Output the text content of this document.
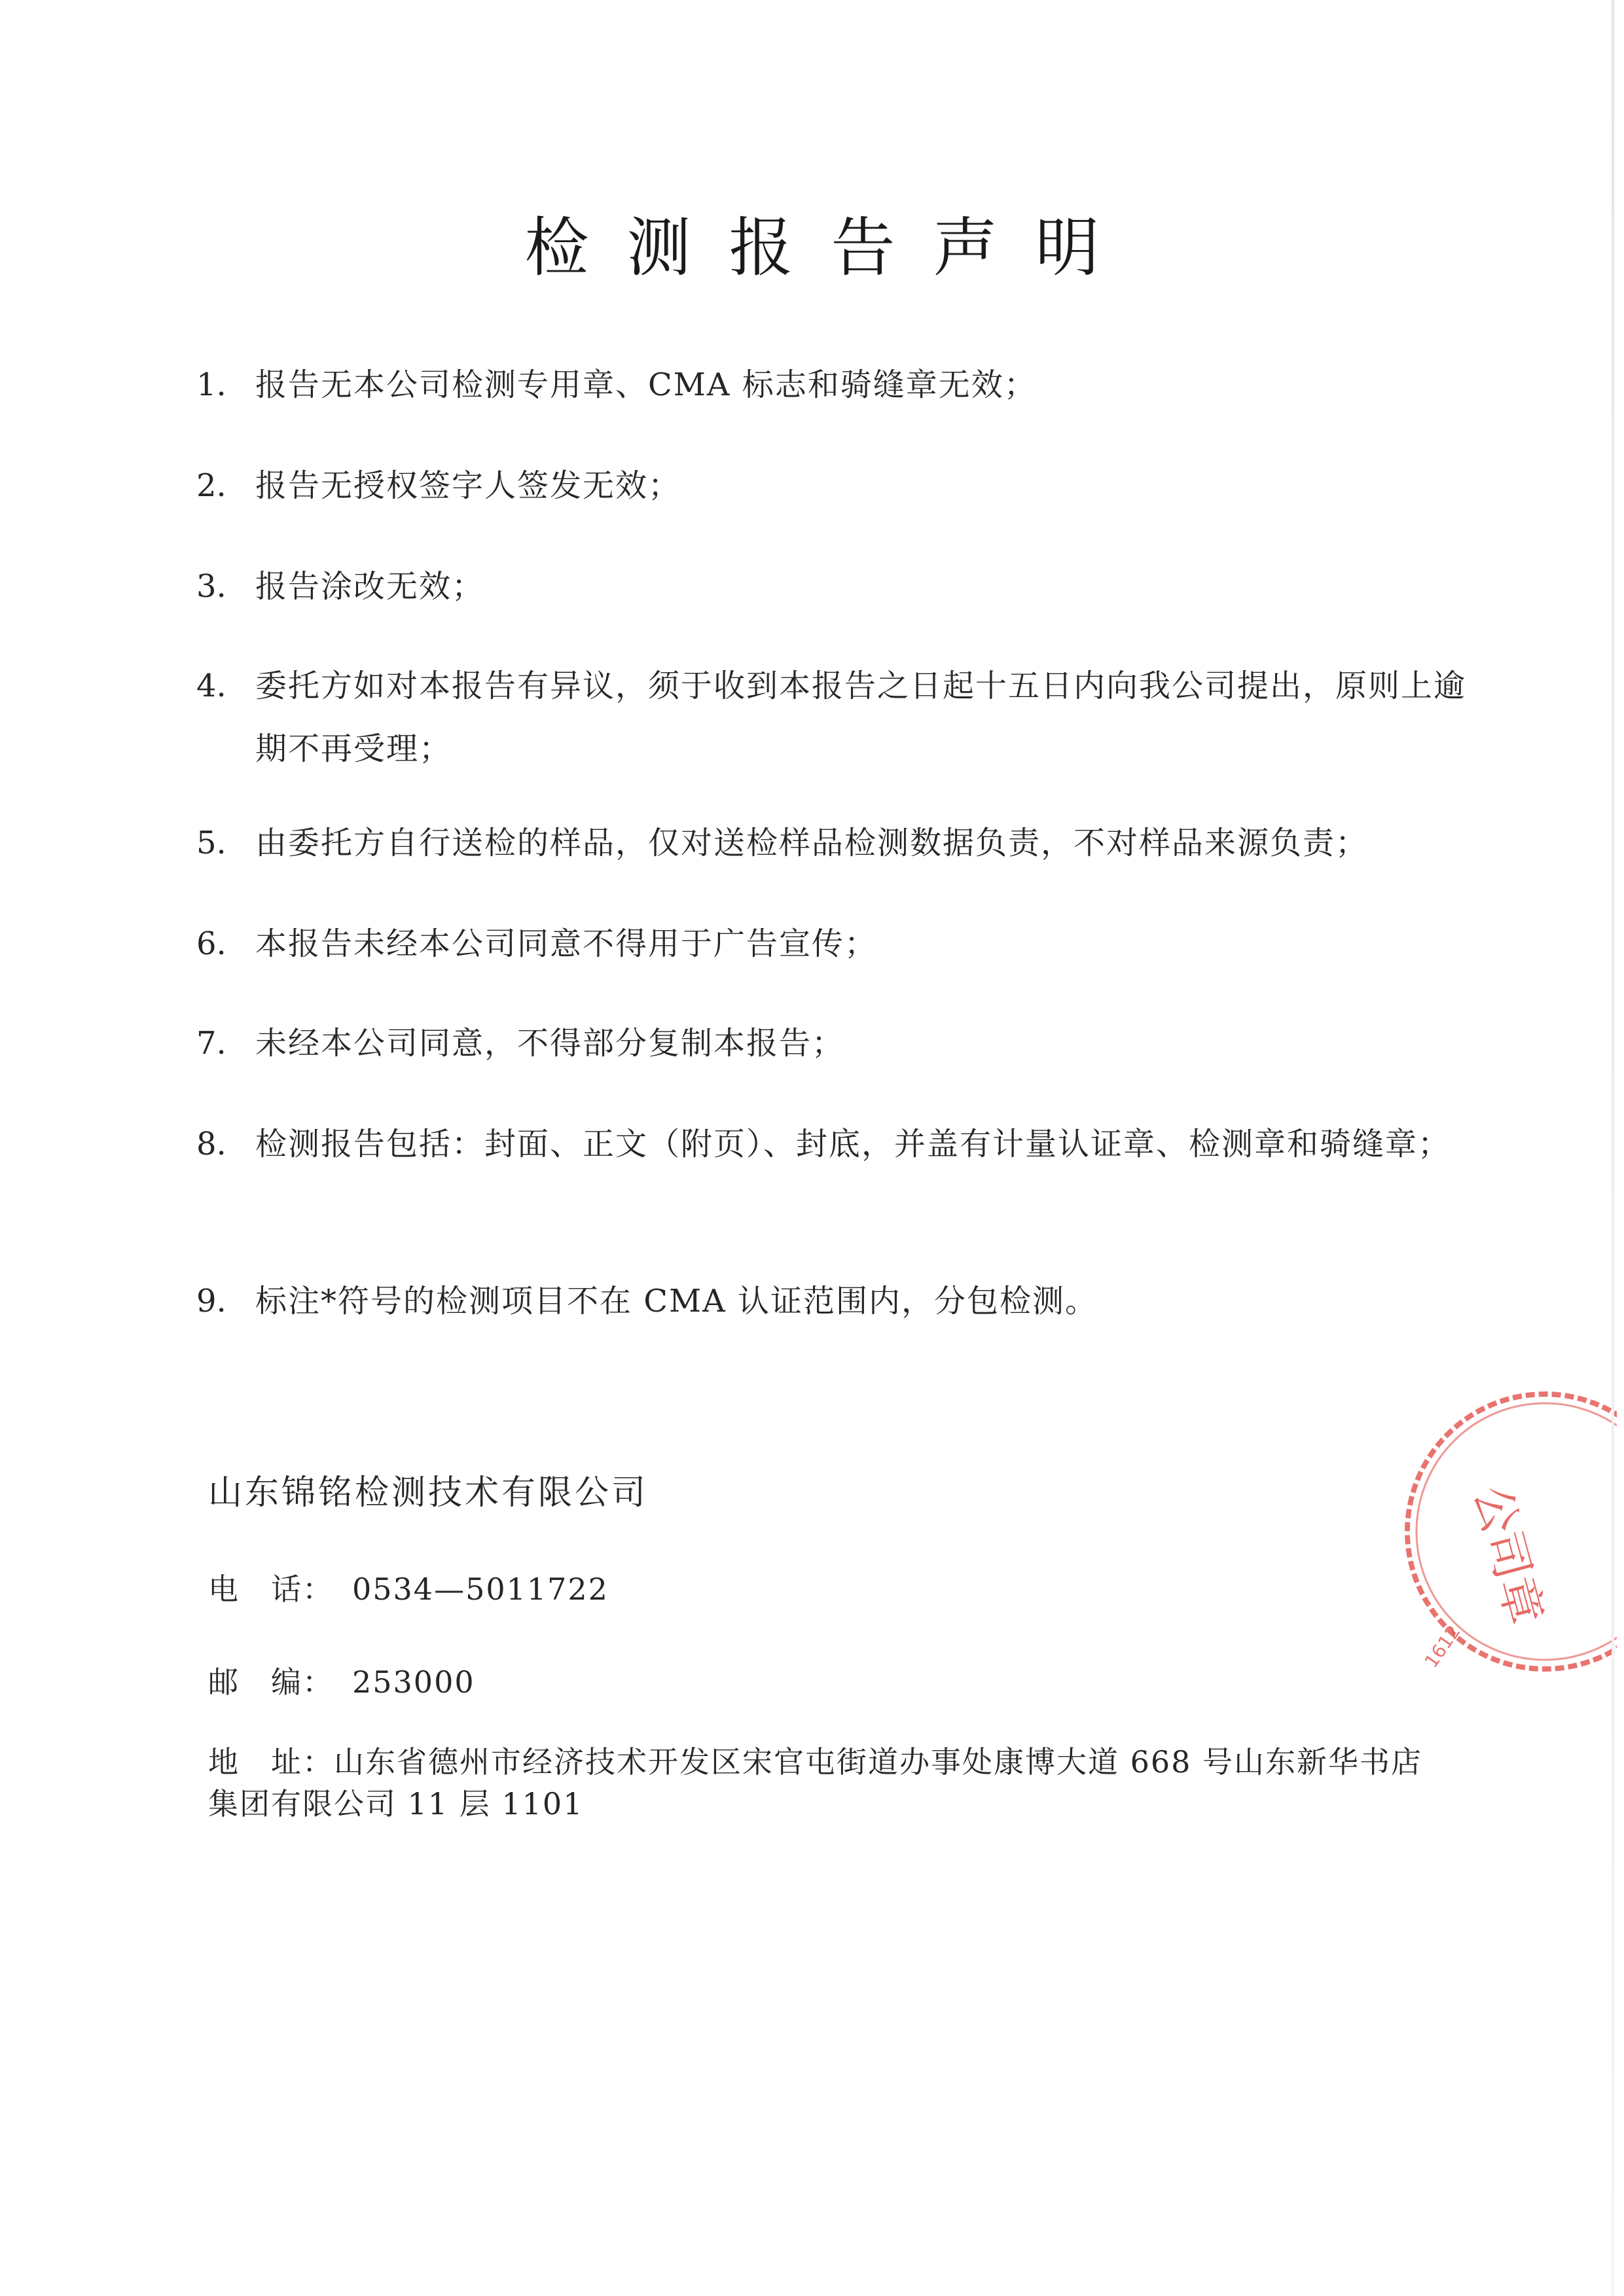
检测报告声明
1. 报告无本公司检测专用章、CMA 标志和骑缝章无效；
2. 报告无授权签字人签发无效；
3. 报告涂改无效；
4. 委托方如对本报告有异议，须于收到本报告之日起十五日内向我公司提出，原则上逾期不再受理；
5. 由委托方自行送检的样品，仅对送检样品检测数据负责，不对样品来源负责；
6. 本报告未经本公司同意不得用于广告宣传；
7. 未经本公司同意，不得部分复制本报告；
8. 检测报告包括：封面、正文（附页）、封底，并盖有计量认证章、检测章和骑缝章；
9. 标注*符号的检测项目不在 CMA 认证范围内，分包检测。
山东锦铭检测技术有限公司
电　话： 0534—5011722
邮　编： 253000
地　址：山东省德州市经济技术开发区宋官屯街道办事处康博大道 668 号山东新华书店集团有限公司 11 层 1101
公司章
1612
